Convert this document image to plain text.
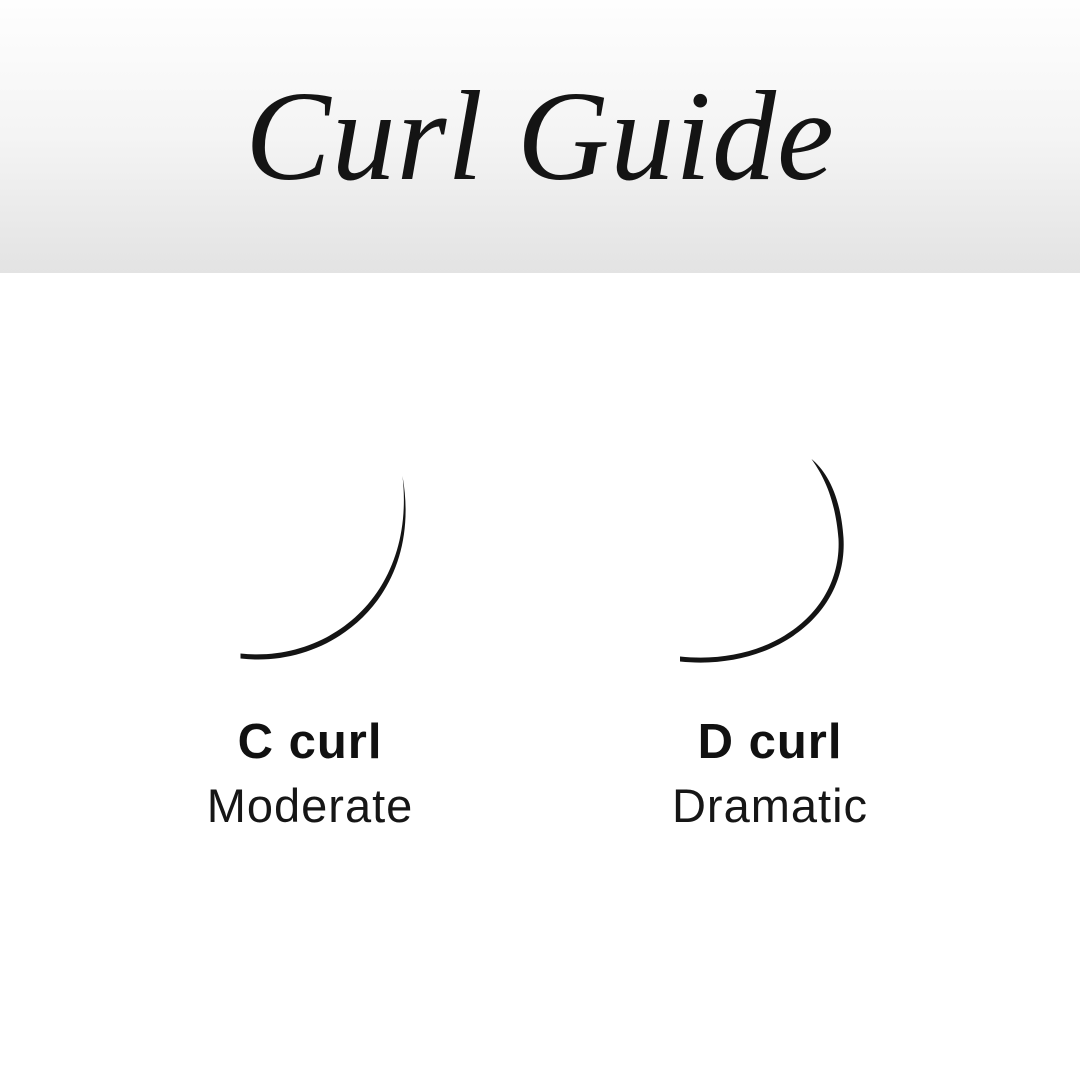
Curl Guide
C curl
Moderate
D curl
Dramatic
